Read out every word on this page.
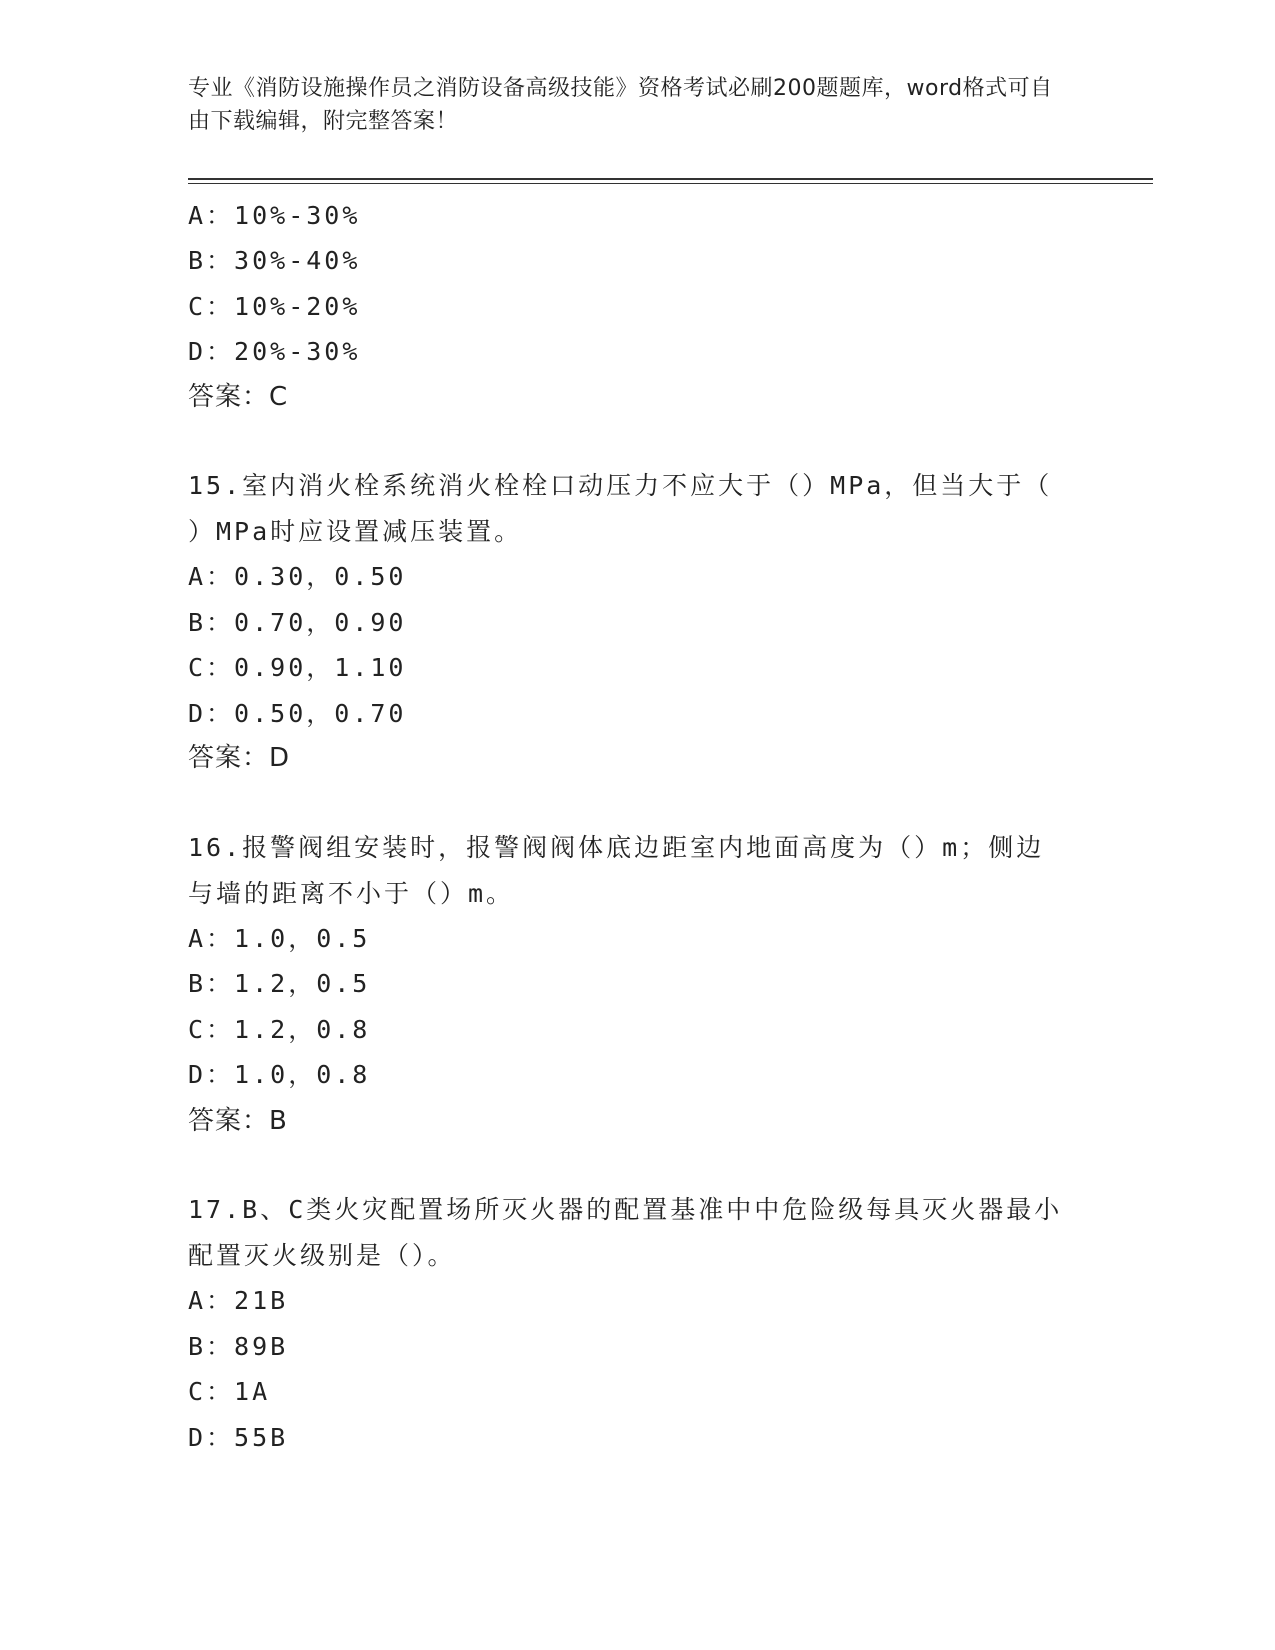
专业《消防设施操作员之消防设备高级技能》资格考试必刷200题题库，word格式可自由下载编辑，附完整答案！
A：10%-30%
B：30%-40%
C：10%-20%
D：20%-30%
答案：C
15.室内消火栓系统消火栓栓口动压力不应大于（）MPa，但当大于（
）MPa时应设置减压装置。
A：0.30，0.50
B：0.70，0.90
C：0.90，1.10
D：0.50，0.70
答案：D
16.报警阀组安装时，报警阀阀体底边距室内地面高度为（）m；侧边
与墙的距离不小于（）m。
A：1.0，0.5
B：1.2，0.5
C：1.2，0.8
D：1.0，0.8
答案：B
17.B、C类火灾配置场所灭火器的配置基准中中危险级每具灭火器最小
配置灭火级别是（）。
A：21B
B：89B
C：1A
D：55B
